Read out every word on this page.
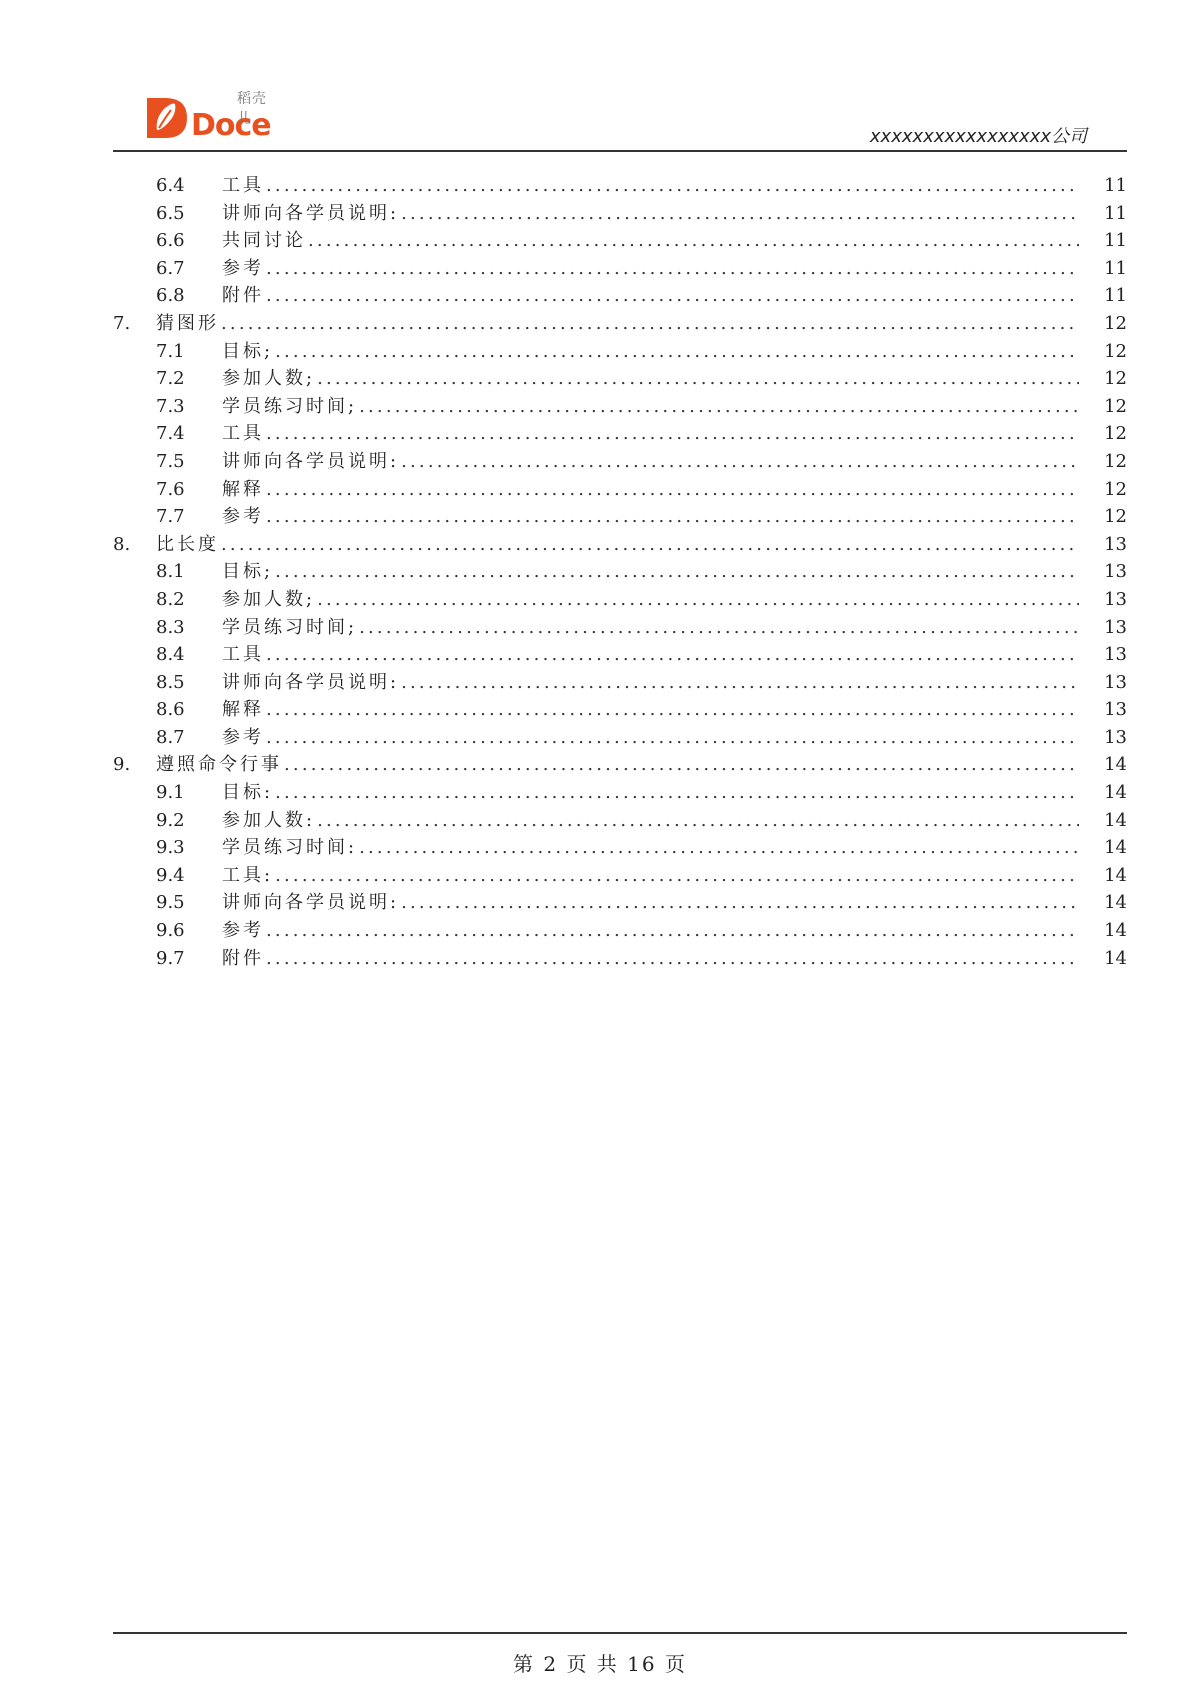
Doce
稻壳儿
xxxxxxxxxxxxxxxxx公司
6.4 工具 .....	11
6.5 讲师向各学员说明: .....	11
6.6 共同讨论 .....	11
6.7 参考 .....	11
6.8 附件 .....	11
7. 猜图形 .....	12
7.1 目标; .....	12
7.2 参加人数; .....	12
7.3 学员练习时间; .....	12
7.4 工具 .....	12
7.5 讲师向各学员说明: .....	12
7.6 解释 .....	12
7.7 参考 .....	12
8. 比长度 .....	13
8.1 目标; .....	13
8.2 参加人数; .....	13
8.3 学员练习时间; .....	13
8.4 工具 .....	13
8.5 讲师向各学员说明: .....	13
8.6 解释 .....	13
8.7 参考 .....	13
9. 遵照命令行事 .....	14
9.1 目标: .....	14
9.2 参加人数: .....	14
9.3 学员练习时间: .....	14
9.4 工具: .....	14
9.5 讲师向各学员说明: .....	14
9.6 参考 .....	14
9.7 附件 .....	14
第 2 页 共 16 页
